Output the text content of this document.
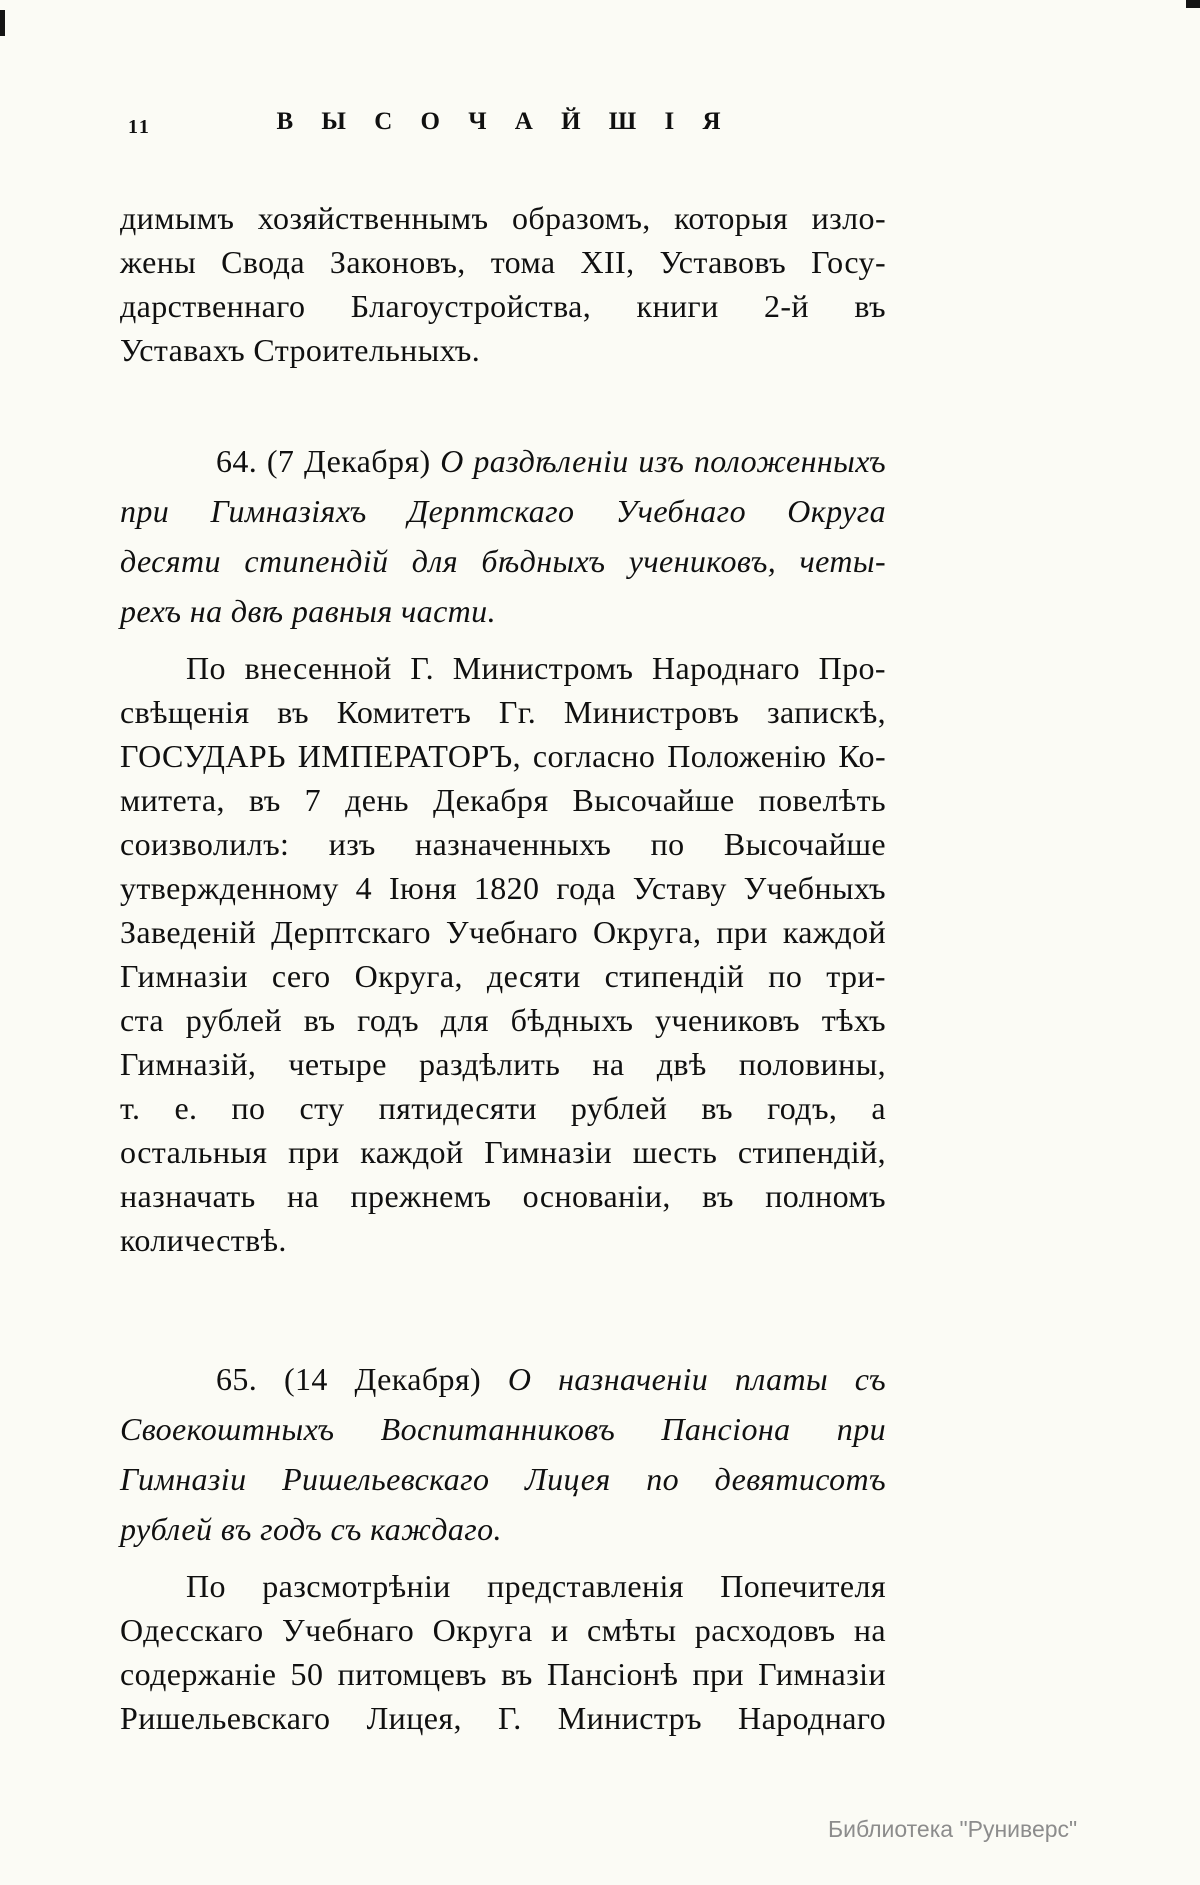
11	В Ы С О Ч А Й Ш І Я
димымъ хозяйственнымъ образомъ, которыя изло-
жены Свода Законовъ, тома XII, Уставовъ Госу-
дарственнаго Благоустройства, книги 2-й въ
Уставахъ Строительныхъ.
64. (7 Декабря) О раздѣленіи изъ положенныхъ
при Гимназіяхъ Дерптскаго Учебнаго Округа
десяти стипендій для бѣдныхъ учениковъ, четы-
рехъ на двѣ равныя части.
По внесенной Г. Министромъ Народнаго Про-
свѣщенія въ Комитетъ Гг. Министровъ запискѣ,
ГОСУДАРЬ ИМПЕРАТОРЪ, согласно Положенію Ко-
митета, въ 7 день Декабря Высочайше повелѣть
соизволилъ: изъ назначенныхъ по Высочайше
утвержденному 4 Іюня 1820 года Уставу Учебныхъ
Заведеній Дерптскаго Учебнаго Округа, при каждой
Гимназіи сего Округа, десяти стипендій по три-
ста рублей въ годъ для бѣдныхъ учениковъ тѣхъ
Гимназій, четыре раздѣлить на двѣ половины,
т. е. по сту пятидесяти рублей въ годъ, а
остальныя при каждой Гимназіи шесть стипендій,
назначать на прежнемъ основаніи, въ полномъ
количествѣ.
65. (14 Декабря) О назначеніи платы съ
Своекоштныхъ Воспитанниковъ Пансіона при
Гимназіи Ришельевскаго Лицея по девятисотъ
рублей въ годъ съ каждаго.
По разсмотрѣніи представленія Попечителя
Одесскаго Учебнаго Округа и смѣты расходовъ на
содержаніе 50 питомцевъ въ Пансіонѣ при Гимназіи
Ришельевскаго Лицея, Г. Министръ Народнаго
Библиотека "Руниверс"
